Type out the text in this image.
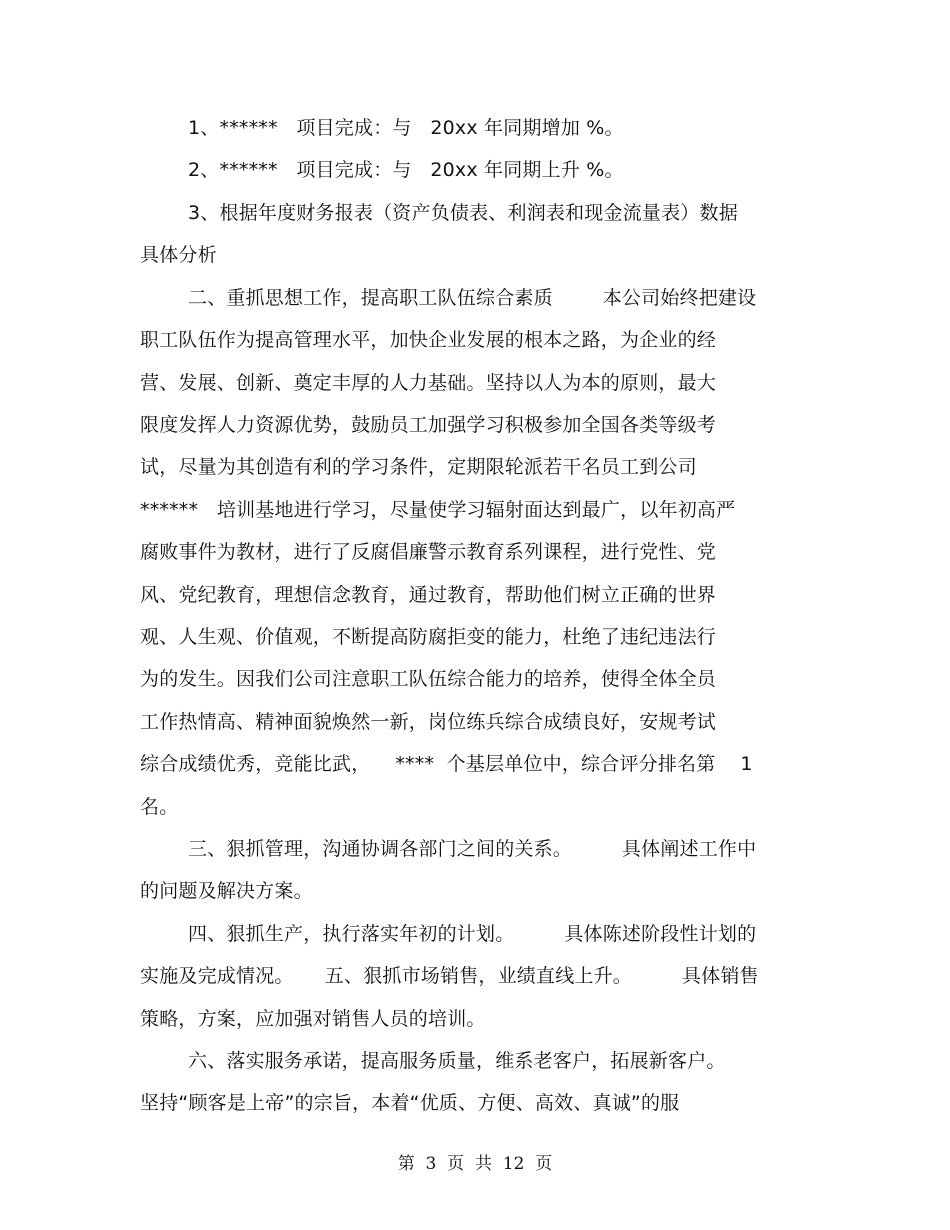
1、******   项目完成：与   20xx 年同期增加 %。
2、******   项目完成：与   20xx 年同期上升 %。
3、根据年度财务报表（资产负债表、利润表和现金流量表）数据
具体分析
二、重抓思想工作，提高职工队伍综合素质        本公司始终把建设
职工队伍作为提高管理水平，加快企业发展的根本之路，为企业的经
营、发展、创新、奠定丰厚的人力基础。坚持以人为本的原则，最大
限度发挥人力资源优势，鼓励员工加强学习积极参加全国各类等级考
试，尽量为其创造有利的学习条件，定期限轮派若干名员工到公司
******   培训基地进行学习，尽量使学习辐射面达到最广，以年初高严
腐败事件为教材，进行了反腐倡廉警示教育系列课程，进行党性、党
风、党纪教育，理想信念教育，通过教育，帮助他们树立正确的世界
观、人生观、价值观，不断提高防腐拒变的能力，杜绝了违纪违法行
为的发生。因我们公司注意职工队伍综合能力的培养，使得全体全员
工作热情高、精神面貌焕然一新，岗位练兵综合成绩良好，安规考试
综合成绩优秀，竞能比武，    ****  个基层单位中，综合评分排名第    1
名。
三、狠抓管理，沟通协调各部门之间的关系。        具体阐述工作中
的问题及解决方案。
四、狠抓生产，执行落实年初的计划。        具体陈述阶段性计划的
实施及完成情况。     五、狠抓市场销售，业绩直线上升。        具体销售
策略，方案，应加强对销售人员的培训。
六、落实服务承诺，提高服务质量，维系老客户，拓展新客户。
坚持“顾客是上帝”的宗旨，本着“优质、方便、高效、真诚”的服
第  3  页  共  12  页
